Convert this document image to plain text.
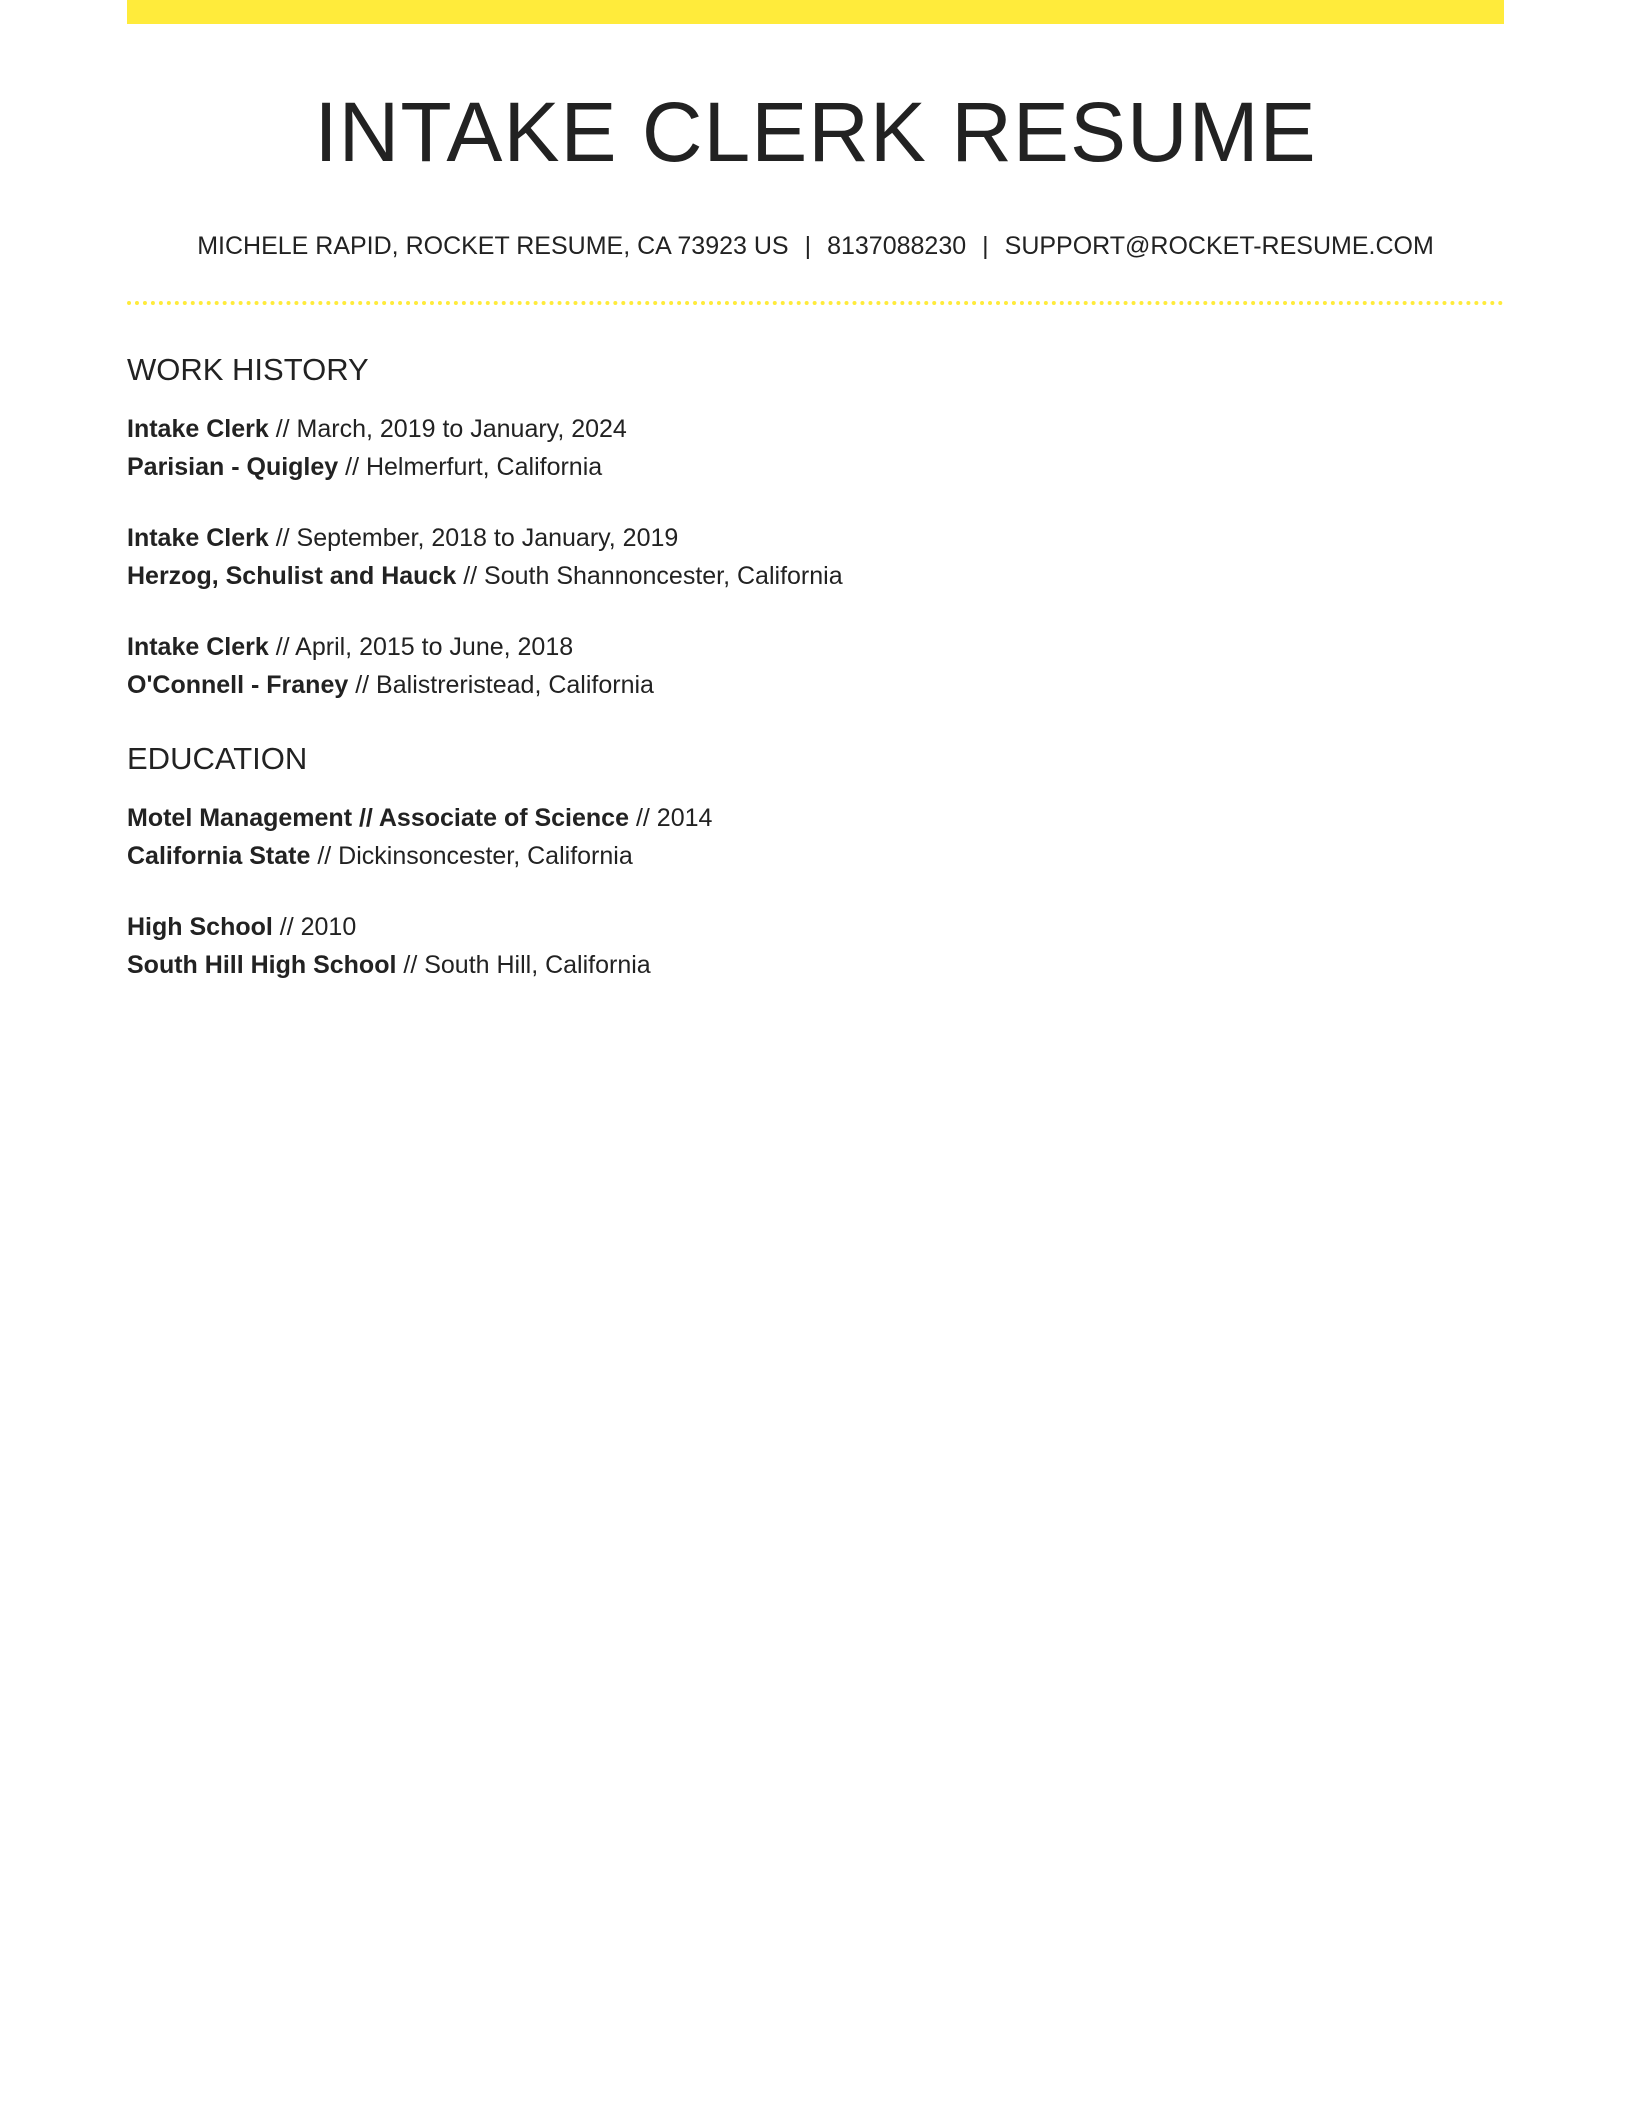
INTAKE CLERK RESUME
MICHELE RAPID, ROCKET RESUME, CA 73923 US | 8137088230 | SUPPORT@ROCKET-RESUME.COM
WORK HISTORY
Intake Clerk // March, 2019 to January, 2024
Parisian - Quigley // Helmerfurt, California
Intake Clerk // September, 2018 to January, 2019
Herzog, Schulist and Hauck // South Shannoncester, California
Intake Clerk // April, 2015 to June, 2018
O'Connell - Franey // Balistreristead, California
EDUCATION
Motel Management // Associate of Science // 2014
California State // Dickinsoncester, California
High School // 2010
South Hill High School // South Hill, California
